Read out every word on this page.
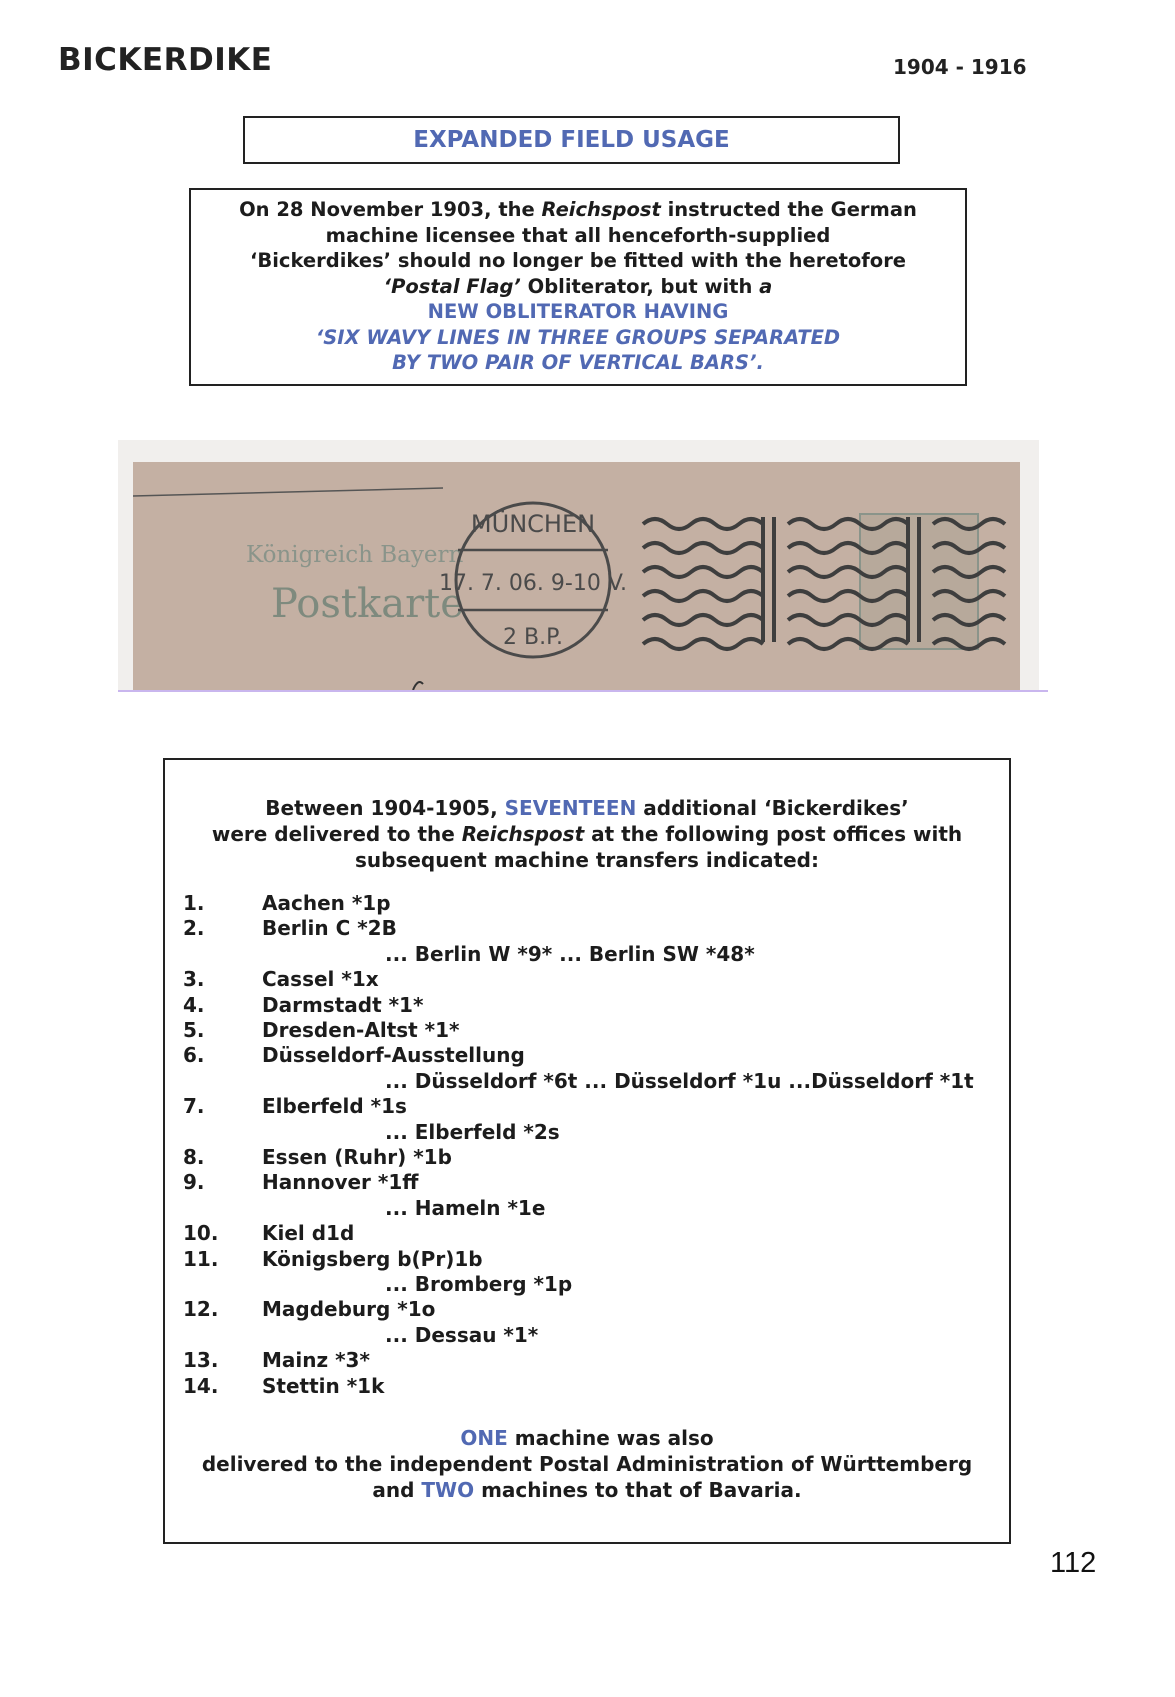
BICKERDIKE	1904 - 1916
EXPANDED FIELD USAGE
On 28 November 1903, the Reichspost instructed the German
machine licensee that all henceforth-supplied
‘Bickerdikes’ should no longer be fitted with the heretofore
‘Postal Flag’ Obliterator, but with a
NEW OBLITERATOR HAVING
‘SIX WAVY LINES IN THREE GROUPS SEPARATED
BY TWO PAIR OF VERTICAL BARS’.
Königreich Bayern
Postkarte
MÜNCHEN
17. 7. 06. 9-10 V.
2 B.P.
Between 1904-1905, SEVENTEEN additional ‘Bickerdikes’
were delivered to the Reichspost at the following post offices with
subsequent machine transfers indicated:
1.	Aachen *1p
2.	Berlin C *2B
... Berlin W *9* ... Berlin SW *48*
3.	Cassel *1x
4.	Darmstadt *1*
5.	Dresden-Altst *1*
6.	Düsseldorf-Ausstellung
... Düsseldorf *6t ... Düsseldorf *1u ...Düsseldorf *1t
7.	Elberfeld *1s
... Elberfeld *2s
8.	Essen (Ruhr) *1b
9.	Hannover *1ff
... Hameln *1e
10. Kiel d1d
11. Königsberg b(Pr)1b
... Bromberg *1p
12. Magdeburg *1o
... Dessau *1*
13. Mainz *3*
14. Stettin *1k
ONE machine was also
delivered to the independent Postal Administration of Württemberg
and TWO machines to that of Bavaria.
112
